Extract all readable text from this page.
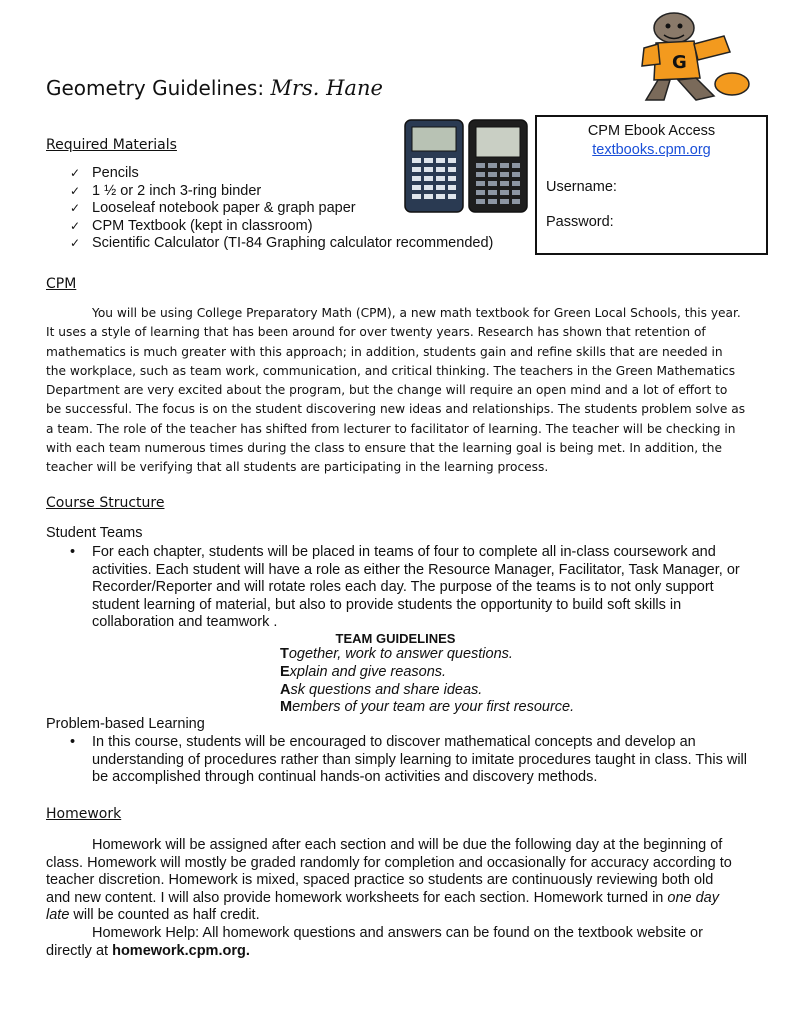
Geometry Guidelines: Mrs. Hane
G
Required Materials
✓ Pencils
✓ 1 ½ or 2 inch 3-ring binder
✓ Looseleaf notebook paper & graph paper
✓ CPM Textbook (kept in classroom)
✓ Scientific Calculator (TI-84 Graphing calculator recommended)
CPM Ebook Access
textbooks.cpm.org
Username:
Password:
CPM

You will be using College Preparatory Math (CPM), a new math textbook for Green Local Schools, this year. It uses a style of learning that has been around for over twenty years. Research has shown that retention of mathematics is much greater with this approach; in addition, students gain and refine skills that are needed in the workplace, such as team work, communication, and critical thinking. The teachers in the Green Mathematics Department are very excited about the program, but the change will require an open mind and a lot of effort to be successful. The focus is on the student discovering new ideas and relationships. The students problem solve as a team. The role of the teacher has shifted from lecturer to facilitator of learning. The teacher will be checking in with each team numerous times during the class to ensure that the learning goal is being met. In addition, the teacher will be verifying that all students are participating in the learning process.

Course Structure
Student Teams
• For each chapter, students will be placed in teams of four to complete all in-class coursework and activities. Each student will have a role as either the Resource Manager, Facilitator, Task Manager, or Recorder/Reporter and will rotate roles each day. The purpose of the teams is to not only support student learning of material, but also to provide students the opportunity to build soft skills in collaboration and teamwork .
TEAM GUIDELINES
Together, work to answer questions.
Explain and give reasons.
Ask questions and share ideas.
Members of your team are your first resource.
Problem-based Learning
• In this course, students will be encouraged to discover mathematical concepts and develop an understanding of procedures rather than simply learning to imitate procedures taught in class. This will be accomplished through continual hands-on activities and discovery methods.
Homework

Homework will be assigned after each section and will be due the following day at the beginning of class. Homework will mostly be graded randomly for completion and occasionally for accuracy according to teacher discretion. Homework is mixed, spaced practice so students are continuously reviewing both old and new content. I will also provide homework worksheets for each section. Homework turned in one day late will be counted as half credit.

Homework Help: All homework questions and answers can be found on the textbook website or directly at homework.cpm.org.
